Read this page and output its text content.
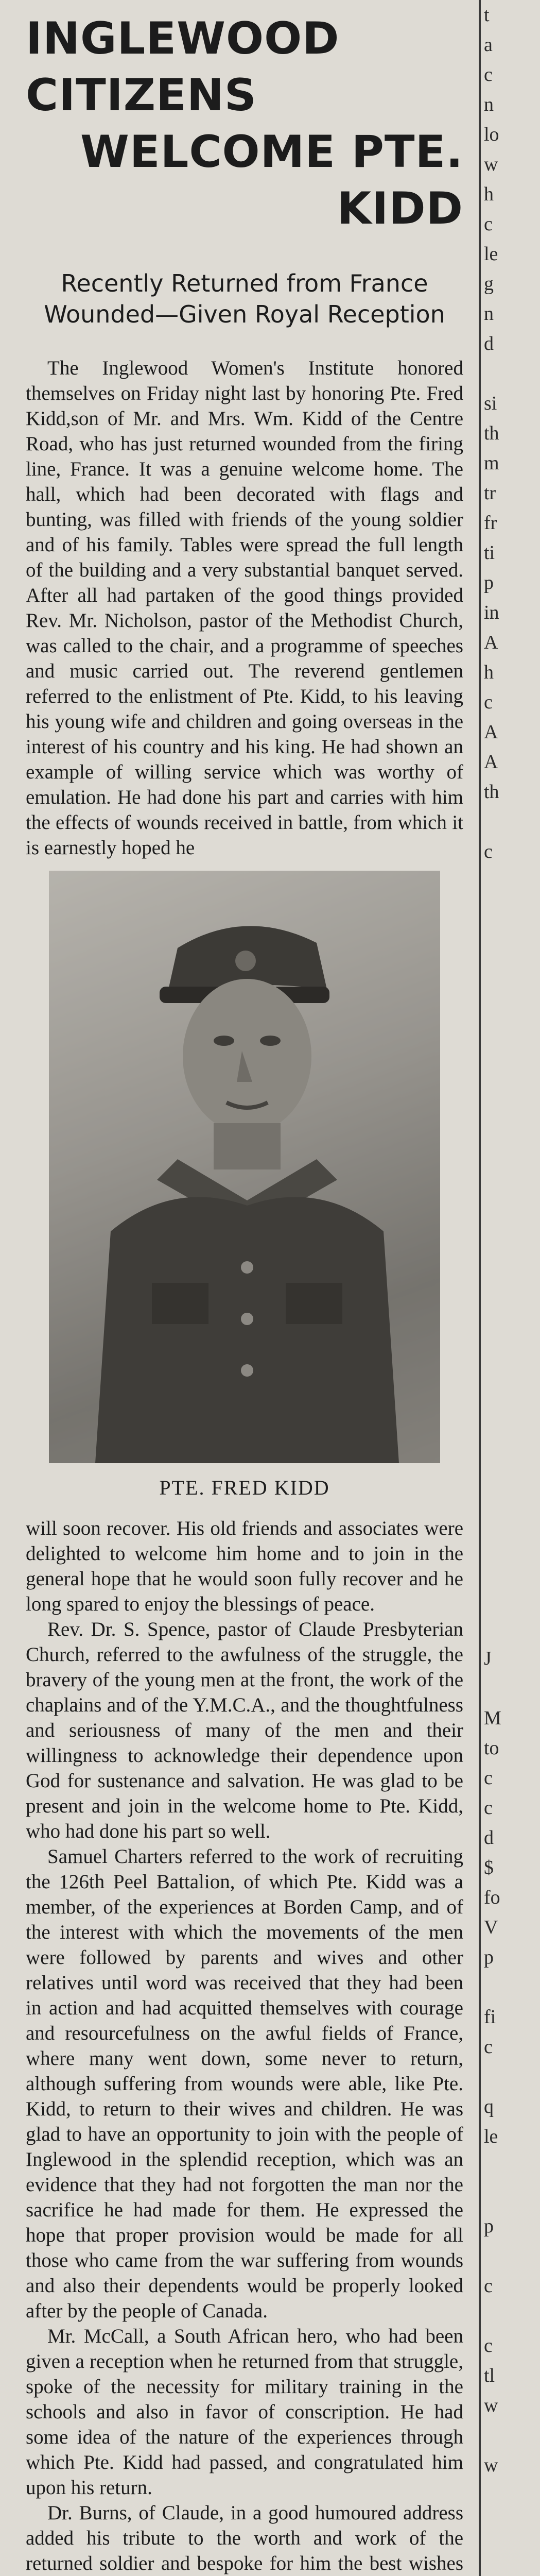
INGLEWOOD CITIZENS
WELCOME PTE. KIDD
Recently Returned from France Wounded—Given Royal Reception

The Inglewood Women's Institute honored themselves on Friday night last by honoring Pte. Fred Kidd,son of Mr. and Mrs. Wm. Kidd of the Centre Road, who has just returned wounded from the firing line, France. It was a genuine welcome home. The hall, which had been decorated with flags and bunting, was filled with friends of the young soldier and of his family. Tables were spread the full length of the building and a very substantial banquet served. After all had partaken of the good things provided Rev. Mr. Nicholson, pastor of the Methodist Church, was called to the chair, and a programme of speeches and music carried out. The reverend gentlemen referred to the enlistment of Pte. Kidd, to his leaving his young wife and children and going overseas in the interest of his country and his king. He had shown an example of willing service which was worthy of emulation. He had done his part and carries with him the effects of wounds received in battle, from which it is earnestly hoped he

PTE. FRED KIDD

will soon recover. His old friends and associates were delighted to welcome him home and to join in the general hope that he would soon fully recover and he long spared to enjoy the blessings of peace.

Rev. Dr. S. Spence, pastor of Claude Presbyterian Church, referred to the awfulness of the struggle, the bravery of the young men at the front, the work of the chaplains and of the Y.M.C.A., and the thoughtfulness and seriousness of many of the men and their willingness to acknowledge their dependence upon God for sustenance and salvation. He was glad to be present and join in the welcome home to Pte. Kidd, who had done his part so well.

Samuel Charters referred to the work of recruiting the 126th Peel Battalion, of which Pte. Kidd was a member, of the experiences at Borden Camp, and of the interest with which the movements of the men were followed by parents and wives and other relatives until word was received that they had been in action and had acquitted themselves with courage and resourcefulness on the awful fields of France, where many went down, some never to return, although suffering from wounds were able, like Pte. Kidd, to return to their wives and children. He was glad to have an opportunity to join with the people of Inglewood in the splendid reception, which was an evidence that they had not forgotten the man nor the sacrifice he had made for them. He expressed the hope that proper provision would be made for all those who came from the war suffering from wounds and also their dependents would be properly looked after by the people of Canada.

Mr. McCall, a South African hero, who had been given a reception when he returned from that struggle, spoke of the necessity for military training in the schools and also in favor of conscription. He had some idea of the nature of the experiences through which Pte. Kidd had passed, and congratulated him upon his return.

Dr. Burns, of Claude, in a good humoured address added his tribute to the worth and work of the returned soldier and bespoke for him the best wishes

t
a
c
n
lo
w
h
c
le
g
n
d
si
th
m
tr
fr
ti
p
in
A
h
c
A
A
th
c
J
M
to
c
c
d
$
fo
V
p
fi
c
q
le
p
c
c
tl
w
w
